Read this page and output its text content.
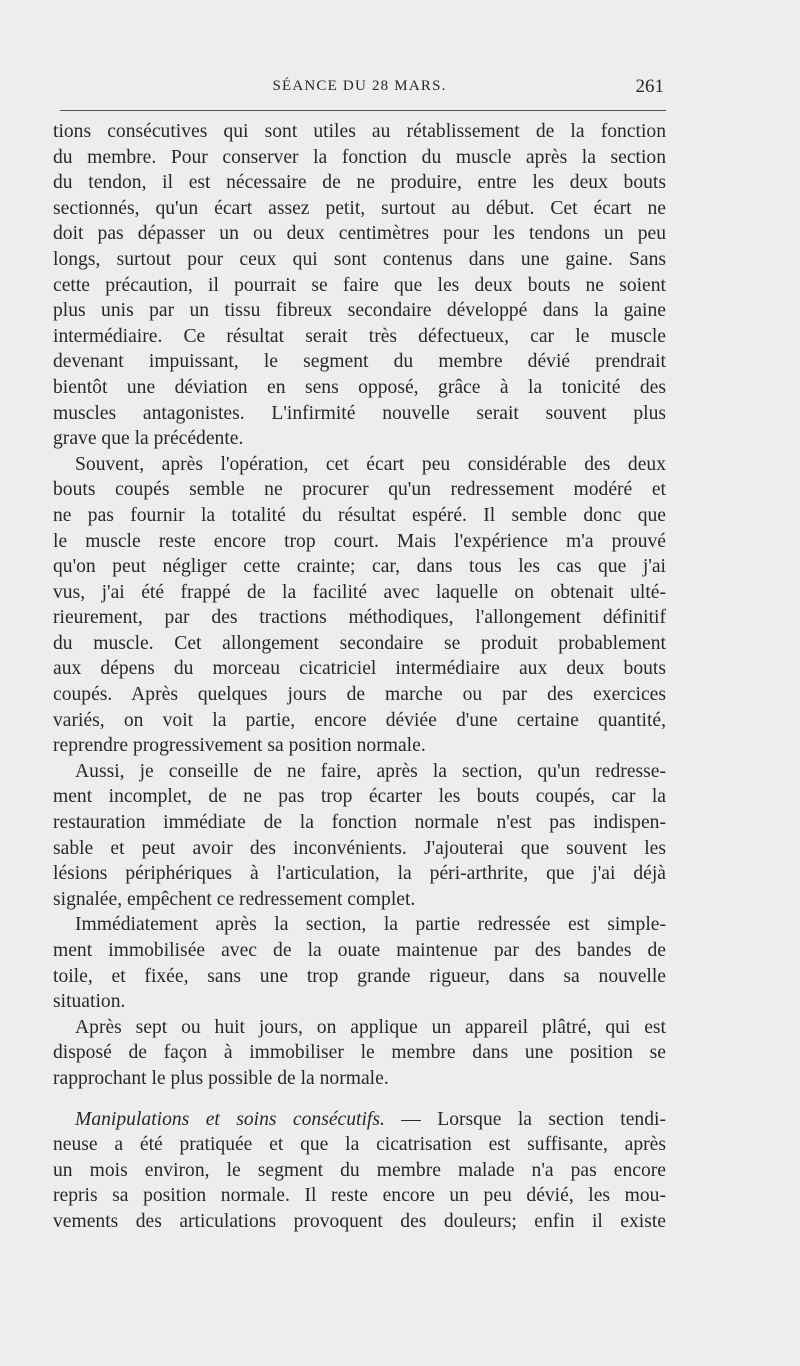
SÉANCE DU 28 MARS.	261
tions consécutives qui sont utiles au rétablissement de la fonction
du membre. Pour conserver la fonction du muscle après la section
du tendon, il est nécessaire de ne produire, entre les deux bouts
sectionnés, qu'un écart assez petit, surtout au début. Cet écart ne
doit pas dépasser un ou deux centimètres pour les tendons un peu
longs, surtout pour ceux qui sont contenus dans une gaine. Sans
cette précaution, il pourrait se faire que les deux bouts ne soient
plus unis par un tissu fibreux secondaire développé dans la gaine
intermédiaire. Ce résultat serait très défectueux, car le muscle
devenant impuissant, le segment du membre dévié prendrait
bientôt une déviation en sens opposé, grâce à la tonicité des
muscles antagonistes. L'infirmité nouvelle serait souvent plus
grave que la précédente.
Souvent, après l'opération, cet écart peu considérable des deux
bouts coupés semble ne procurer qu'un redressement modéré et
ne pas fournir la totalité du résultat espéré. Il semble donc que
le muscle reste encore trop court. Mais l'expérience m'a prouvé
qu'on peut négliger cette crainte; car, dans tous les cas que j'ai
vus, j'ai été frappé de la facilité avec laquelle on obtenait ulté-
rieurement, par des tractions méthodiques, l'allongement définitif
du muscle. Cet allongement secondaire se produit probablement
aux dépens du morceau cicatriciel intermédiaire aux deux bouts
coupés. Après quelques jours de marche ou par des exercices
variés, on voit la partie, encore déviée d'une certaine quantité,
reprendre progressivement sa position normale.
Aussi, je conseille de ne faire, après la section, qu'un redresse-
ment incomplet, de ne pas trop écarter les bouts coupés, car la
restauration immédiate de la fonction normale n'est pas indispen-
sable et peut avoir des inconvénients. J'ajouterai que souvent les
lésions périphériques à l'articulation, la péri-arthrite, que j'ai déjà
signalée, empêchent ce redressement complet.
Immédiatement après la section, la partie redressée est simple-
ment immobilisée avec de la ouate maintenue par des bandes de
toile, et fixée, sans une trop grande rigueur, dans sa nouvelle
situation.
Après sept ou huit jours, on applique un appareil plâtré, qui est
disposé de façon à immobiliser le membre dans une position se
rapprochant le plus possible de la normale.
Manipulations et soins consécutifs. — Lorsque la section tendi-
neuse a été pratiquée et que la cicatrisation est suffisante, après
un mois environ, le segment du membre malade n'a pas encore
repris sa position normale. Il reste encore un peu dévié, les mou-
vements des articulations provoquent des douleurs; enfin il existe
